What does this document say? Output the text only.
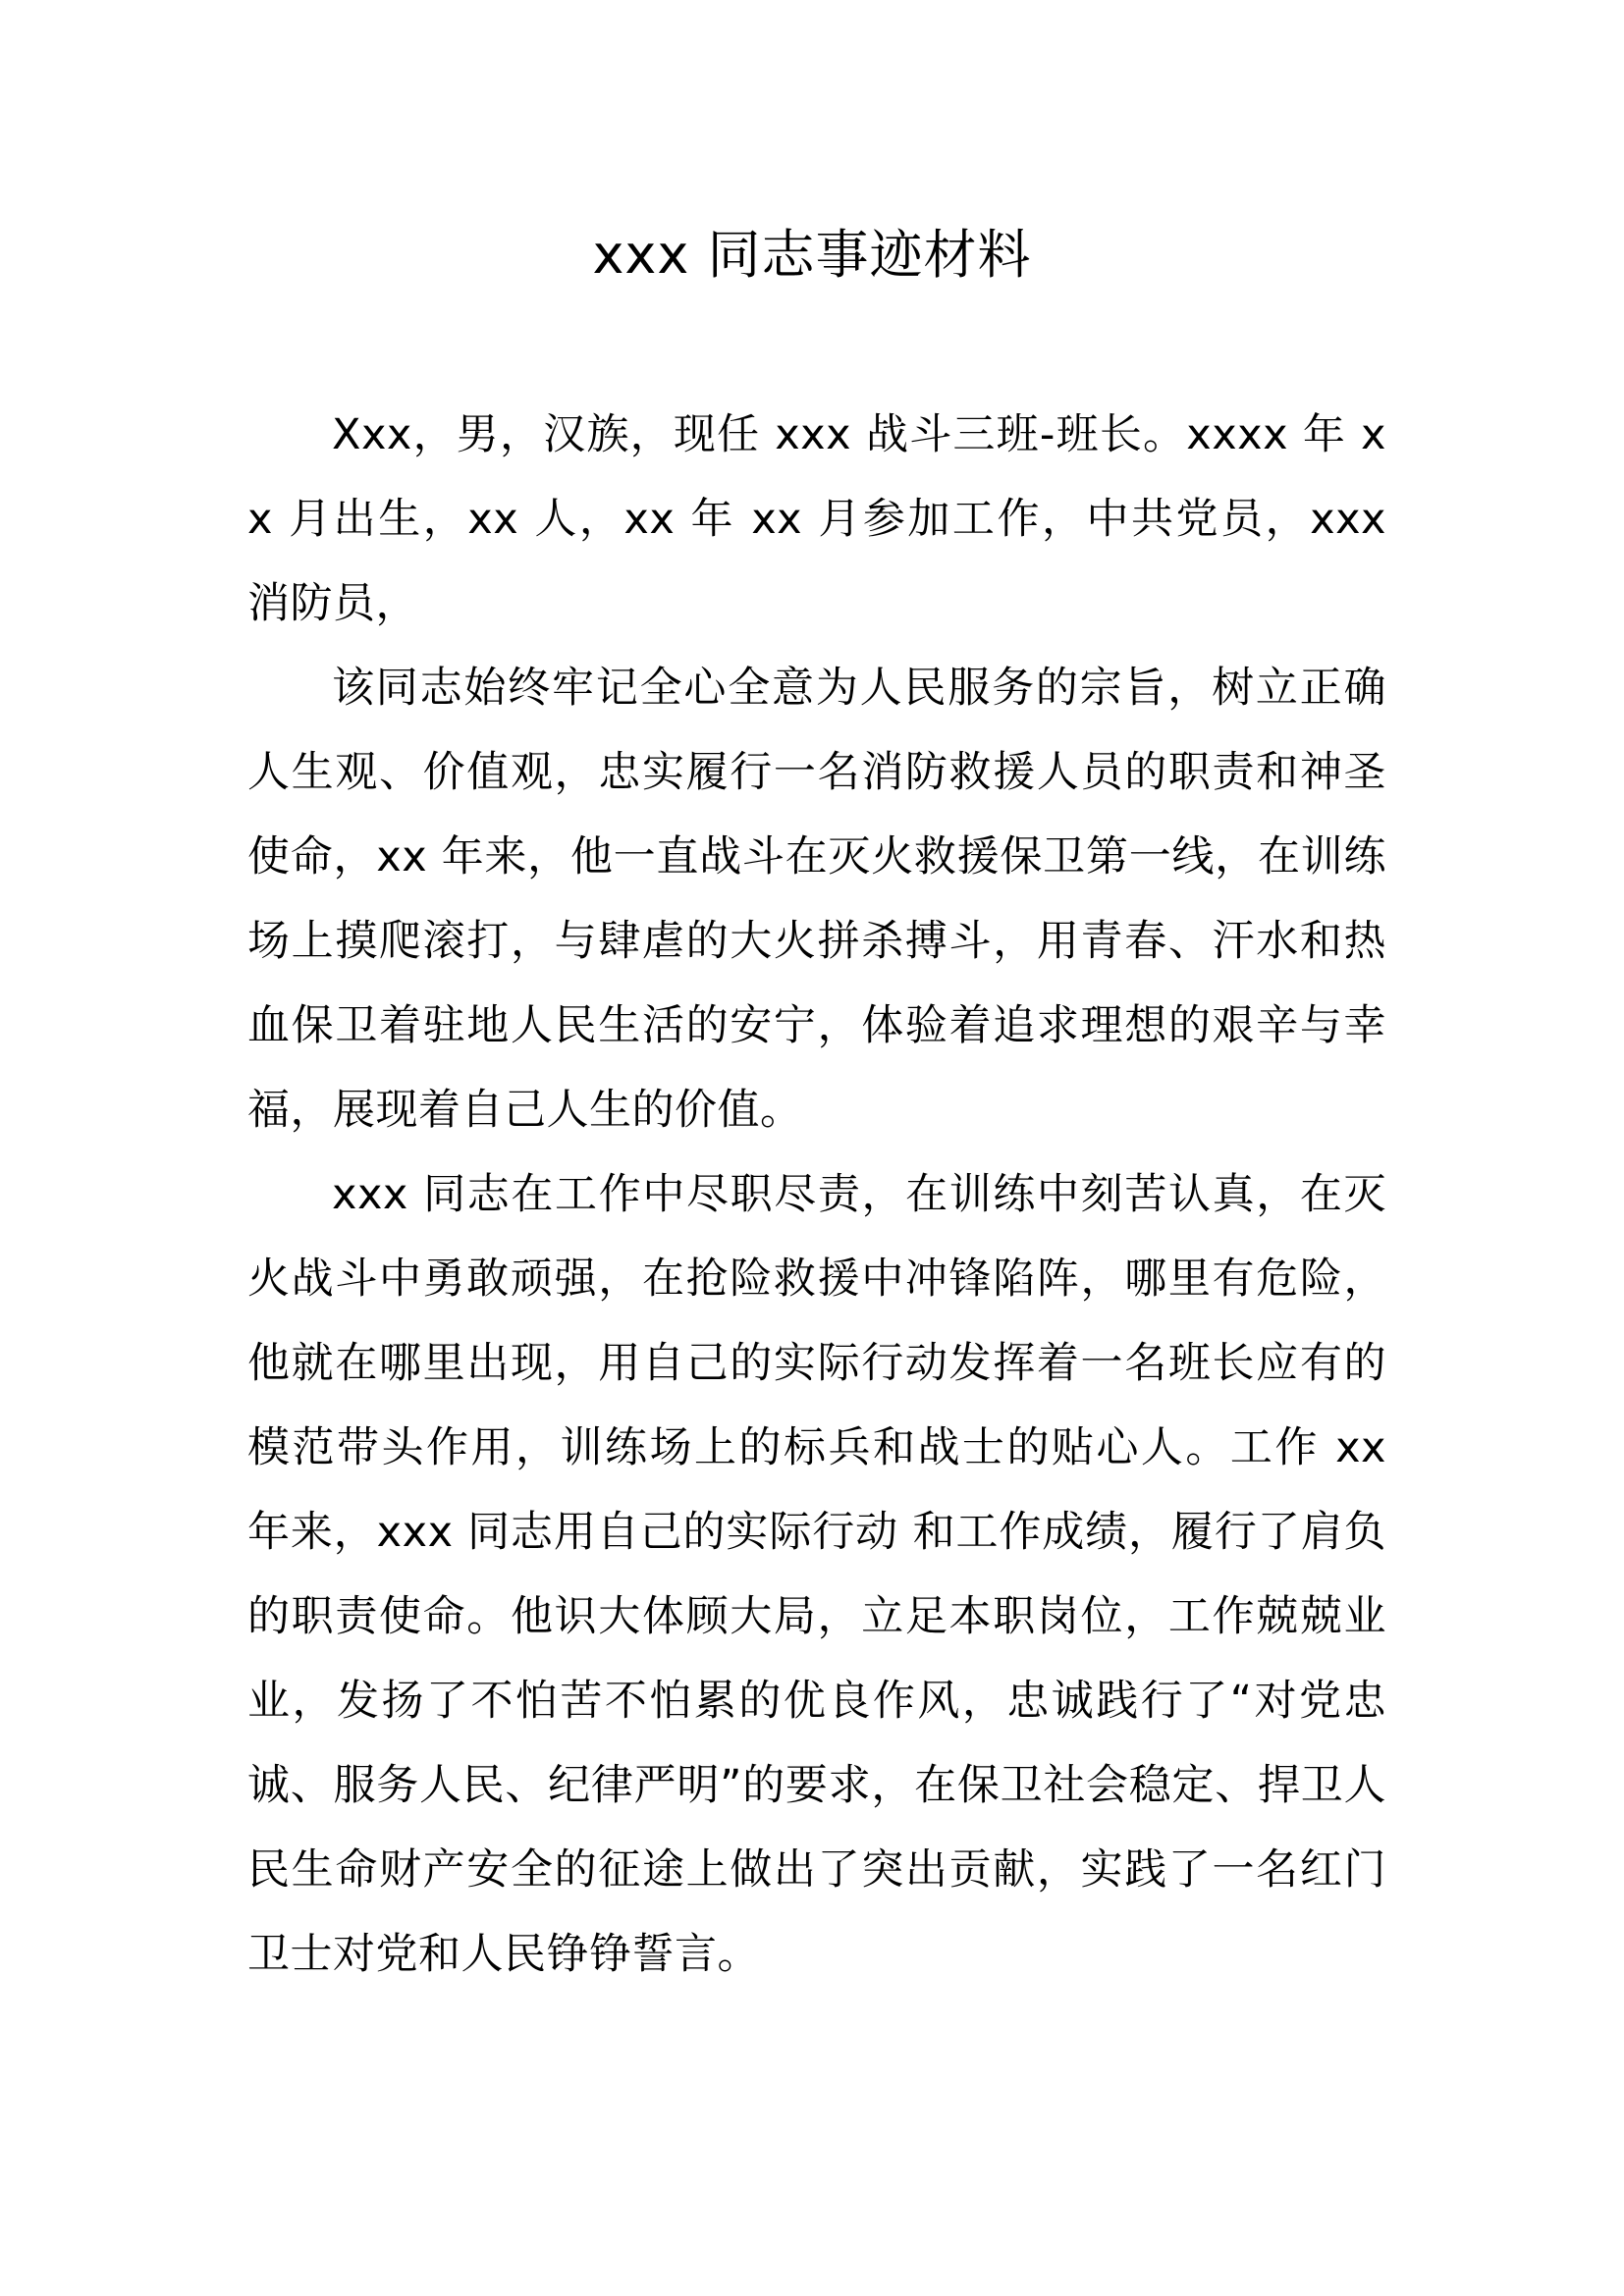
xxx 同志事迹材料

Xxx，男，汉族，现任 xxx 战斗三班-班长。xxxx 年 xx 月出生，xx 人，xx 年 xx 月参加工作，中共党员，xxx 消防员，

该同志始终牢记全心全意为人民服务的宗旨，树立正确人生观、价值观，忠实履行一名消防救援人员的职责和神圣使命，xx 年来，他一直战斗在灭火救援保卫第一线，在训练场上摸爬滚打，与肆虐的大火拼杀搏斗，用青春、汗水和热血保卫着驻地人民生活的安宁，体验着追求理想的艰辛与幸福，展现着自己人生的价值。

xxx 同志在工作中尽职尽责，在训练中刻苦认真，在灭火战斗中勇敢顽强，在抢险救援中冲锋陷阵，哪里有危险，他就在哪里出现，用自己的实际行动发挥着一名班长应有的模范带头作用，训练场上的标兵和战士的贴心人。工作 xx 年来，xxx 同志用自己的实际行动 和工作成绩，履行了肩负的职责使命。他识大体顾大局，立足本职岗位，工作兢兢业业，发扬了不怕苦不怕累的优良作风，忠诚践行了“对党忠诚、服务人民、纪律严明”的要求，在保卫社会稳定、捍卫人民生命财产安全的征途上做出了突出贡献，实践了一名红门卫士对党和人民铮铮誓言。
